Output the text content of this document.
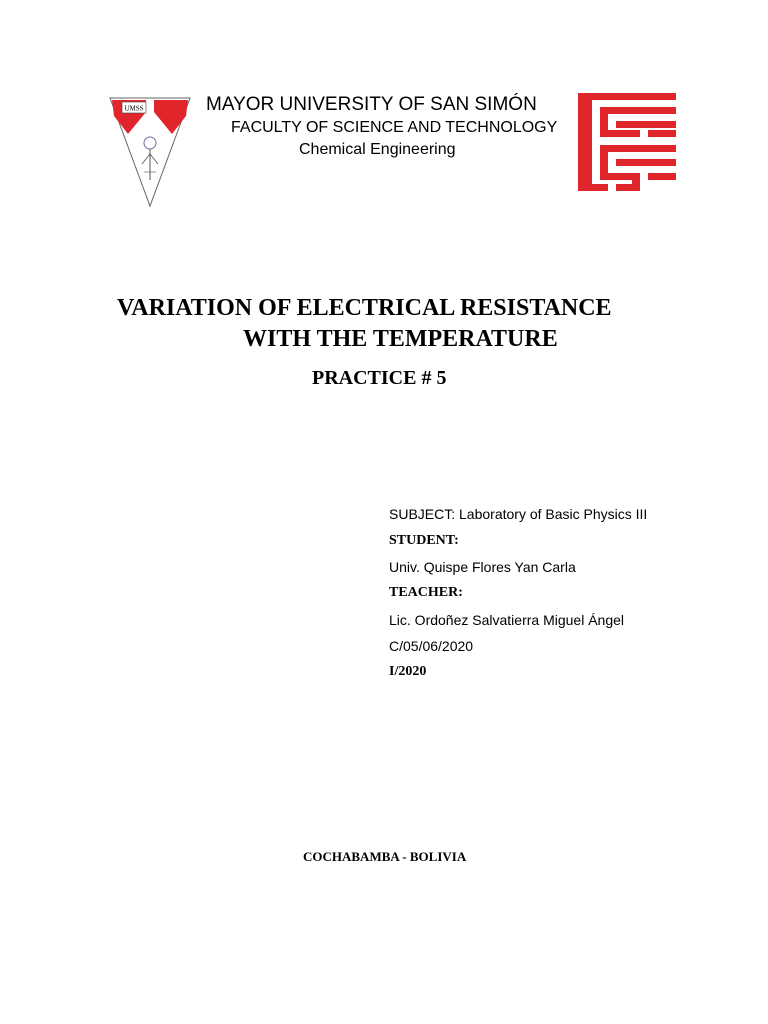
UMSS	MAYOR UNIVERSITY OF SAN SIMÓN
FACULTY OF SCIENCE AND TECHNOLOGY
Chemical Engineering
VARIATION OF ELECTRICAL RESISTANCE
WITH THE TEMPERATURE
PRACTICE # 5
SUBJECT: Laboratory of Basic Physics III
STUDENT:
Univ. Quispe Flores Yan Carla
TEACHER:
Lic. Ordoñez Salvatierra Miguel Ángel
C/05/06/2020
I/2020
COCHABAMBA - BOLIVIA
